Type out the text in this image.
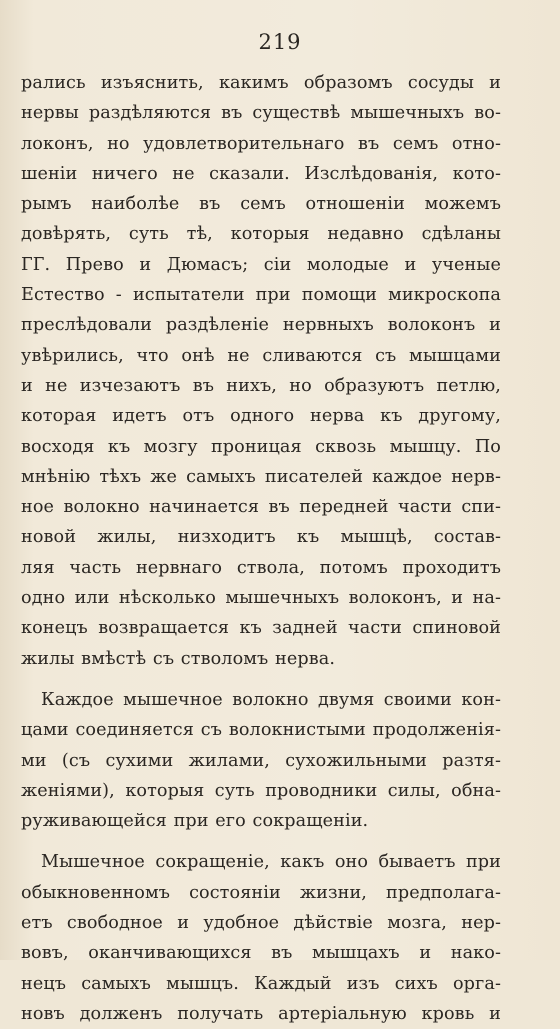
219
рались изъяснить, какимъ образомъ сосуды и
нервы раздѣляются въ существѣ мышечныхъ во-
локонъ, но удовлетворительнаго въ семъ отно-
шеніи ничего не сказали. Изслѣдованія, кото-
рымъ наиболѣе въ семъ отношеніи можемъ
довѣрять, суть тѣ, которыя недавно сдѣланы
ГГ. Прево и Дюмасъ; сіи молодые и ученые
Естество - испытатели при помощи микроскопа
преслѣдовали раздѣленіе нервныхъ волоконъ и
увѣрились, что онѣ не сливаются съ мышцами
и не изчезаютъ въ нихъ, но образуютъ петлю,
которая идетъ отъ одного нерва къ другому,
восходя къ мозгу проницая сквозь мышцу. По
мнѣнію тѣхъ же самыхъ писателей каждое нерв-
ное волокно начинается въ передней части спи-
новой жилы, низходитъ къ мышцѣ, состав-
ляя часть нервнаго ствола, потомъ проходитъ
одно или нѣсколько мышечныхъ волоконъ, и на-
конецъ возвращается къ задней части спиновой
жилы вмѣстѣ съ стволомъ нерва.
Каждое мышечное волокно двумя своими кон-
цами соединяется съ волокнистыми продолженія-
ми (съ сухими жилами, сухожильными разтя-
женіями), которыя суть проводники силы, обна-
руживающейся при его сокращеніи.
Мышечное сокращеніе, какъ оно бываетъ при
обыкновенномъ состояніи жизни, предполага-
етъ свободное и удобное дѣйствіе мозга, нер-
вовъ, оканчивающихся въ мышцахъ и нако-
нецъ самыхъ мышцъ. Каждый изъ сихъ орга-
новъ долженъ получать артеріальную кровь и
